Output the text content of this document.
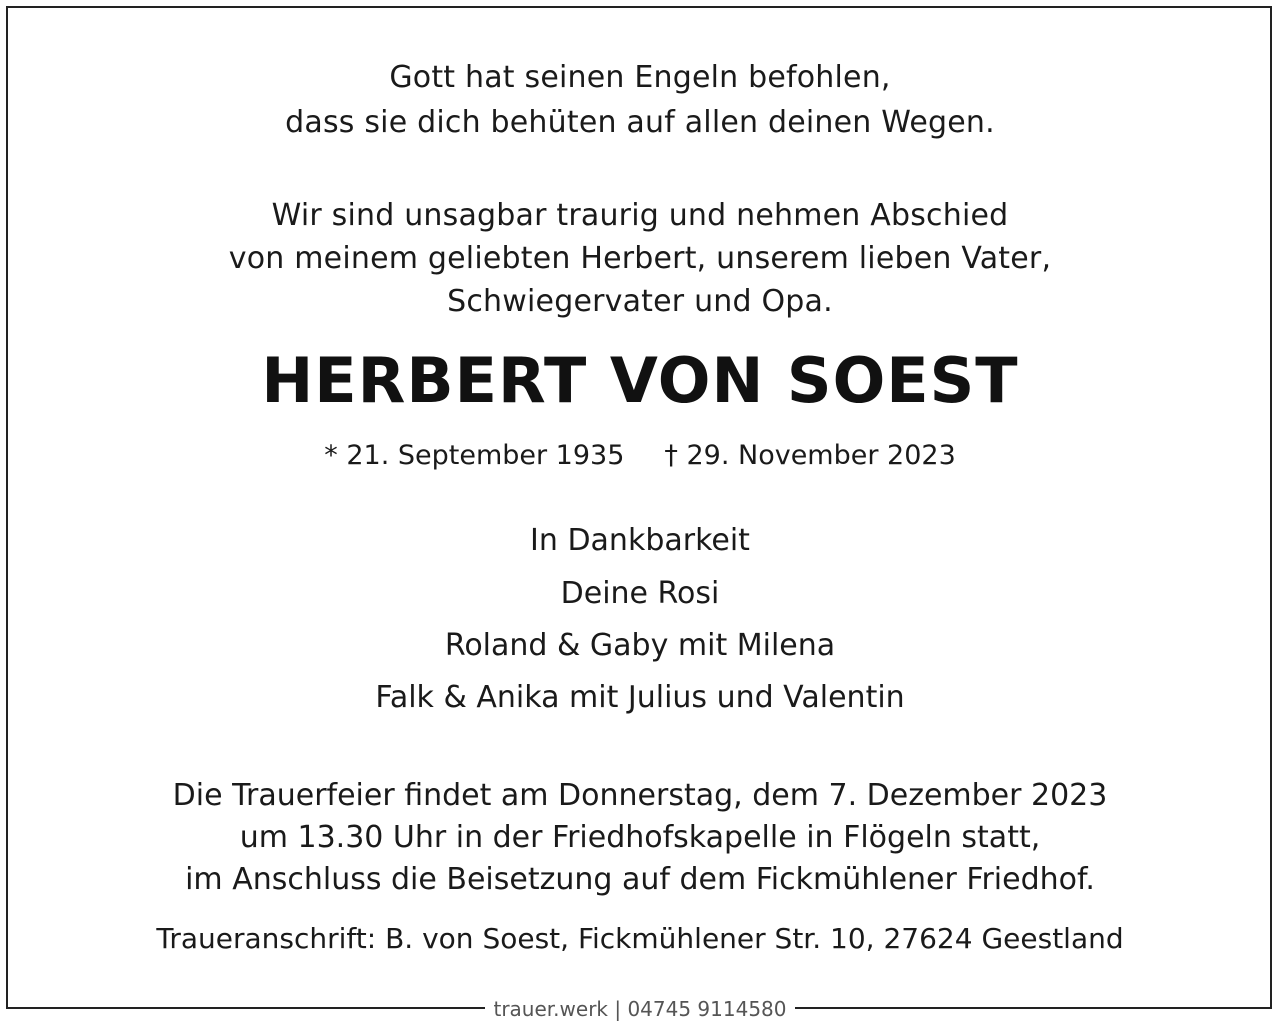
Gott hat seinen Engeln befohlen,
dass sie dich behüten auf allen deinen Wegen.
Wir sind unsagbar traurig und nehmen Abschied
von meinem geliebten Herbert, unserem lieben Vater,
Schwiegervater und Opa.
HERBERT VON SOEST
* 21. September 1935 † 29. November 2023
In Dankbarkeit
Deine Rosi
Roland & Gaby mit Milena
Falk & Anika mit Julius und Valentin
Die Trauerfeier findet am Donnerstag, dem 7. Dezember 2023
um 13.30 Uhr in der Friedhofskapelle in Flögeln statt,
im Anschluss die Beisetzung auf dem Fickmühlener Friedhof.
Traueranschrift: B. von Soest, Fickmühlener Str. 10, 27624 Geestland
trauer.werk | 04745 9114580
